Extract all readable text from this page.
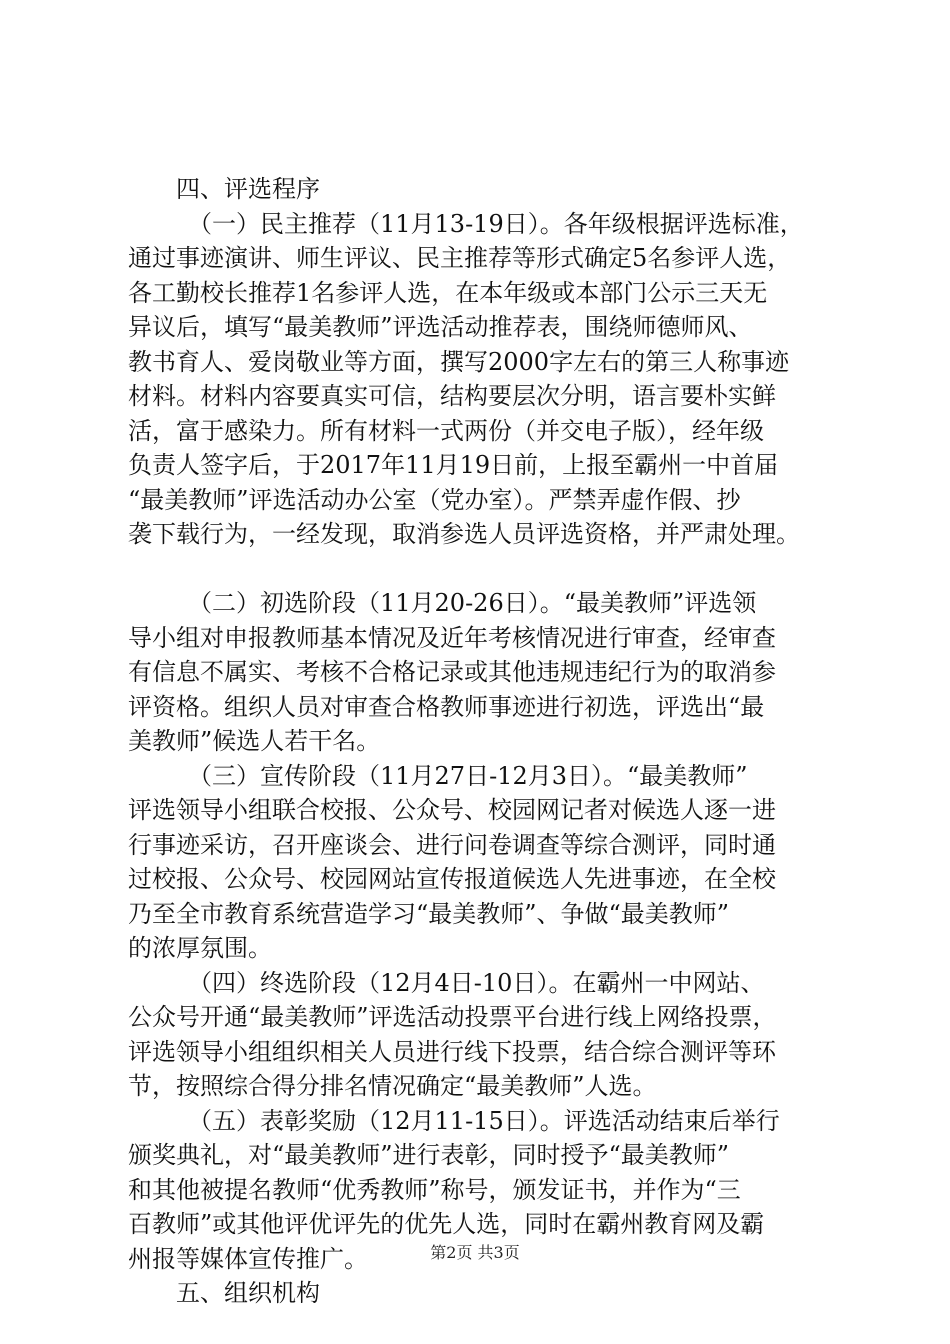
四、评选程序
（一）民主推荐（11月13-19日）。各年级根据评选标准，
通过事迹演讲、师生评议、民主推荐等形式确定5名参评人选，
各工勤校长推荐1名参评人选，在本年级或本部门公示三天无
异议后，填写“最美教师”评选活动推荐表，围绕师德师风、
教书育人、爱岗敬业等方面，撰写2000字左右的第三人称事迹
材料。材料内容要真实可信，结构要层次分明，语言要朴实鲜
活，富于感染力。所有材料一式两份（并交电子版），经年级
负责人签字后，于2017年11月19日前，上报至霸州一中首届
“最美教师”评选活动办公室（党办室）。严禁弄虚作假、抄
袭下载行为，一经发现，取消参选人员评选资格，并严肃处理。
（二）初选阶段（11月20-26日）。“最美教师”评选领
导小组对申报教师基本情况及近年考核情况进行审查，经审查
有信息不属实、考核不合格记录或其他违规违纪行为的取消参
评资格。组织人员对审查合格教师事迹进行初选，评选出“最
美教师”候选人若干名。
（三）宣传阶段（11月27日-12月3日）。“最美教师”
评选领导小组联合校报、公众号、校园网记者对候选人逐一进
行事迹采访，召开座谈会、进行问卷调查等综合测评，同时通
过校报、公众号、校园网站宣传报道候选人先进事迹，在全校
乃至全市教育系统营造学习“最美教师”、争做“最美教师”
的浓厚氛围。
（四）终选阶段（12月4日-10日）。在霸州一中网站、
公众号开通“最美教师”评选活动投票平台进行线上网络投票，
评选领导小组组织相关人员进行线下投票，结合综合测评等环
节，按照综合得分排名情况确定“最美教师”人选。
（五）表彰奖励（12月11-15日）。评选活动结束后举行
颁奖典礼，对“最美教师”进行表彰，同时授予“最美教师”
和其他被提名教师“优秀教师”称号，颁发证书，并作为“三
百教师”或其他评优评先的优先人选，同时在霸州教育网及霸
州报等媒体宣传推广。
五、组织机构
第2页 共3页
